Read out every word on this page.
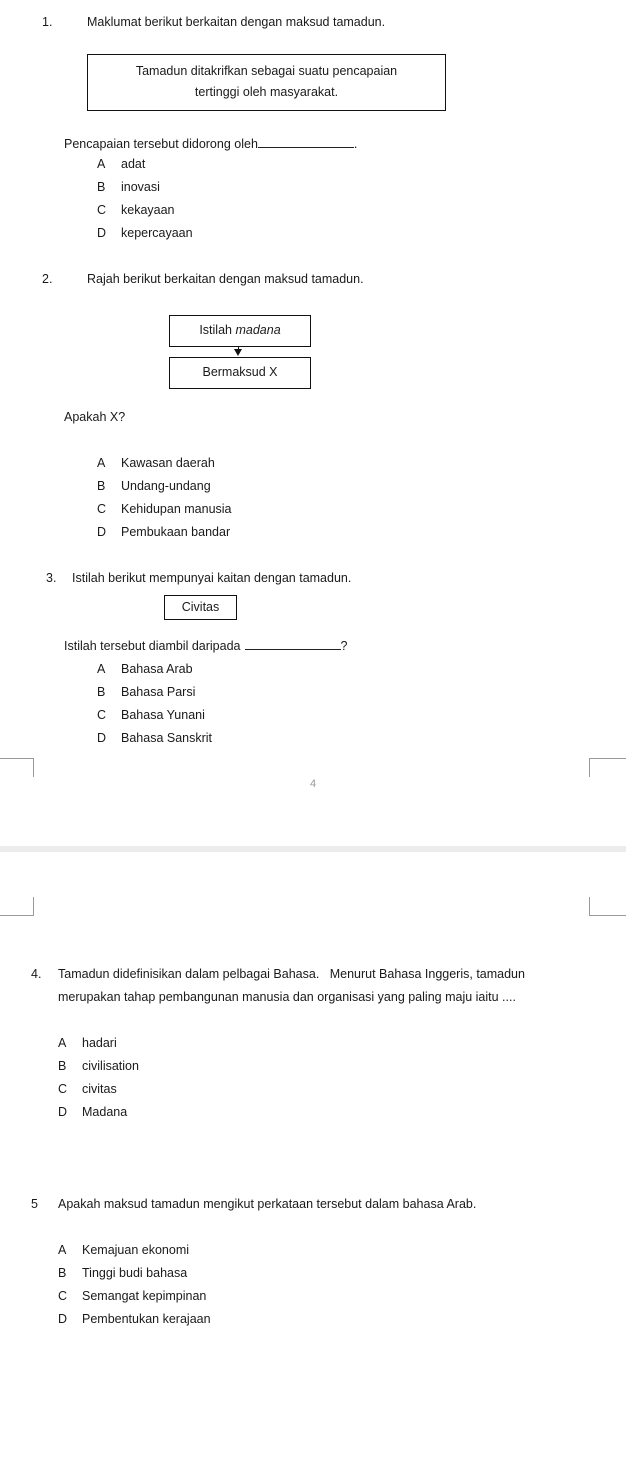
1.	Maklumat berikut berkaitan dengan maksud tamadun.
Tamadun ditakrifkan sebagai suatu pencapaian
tertinggi oleh masyarakat.
Pencapaian tersebut didorong oleh	.
A adat
B inovasi
C kekayaan
D kepercayaan
2.	Rajah berikut berkaitan dengan maksud tamadun.
Istilah madana
Bermaksud X
Apakah X?
A Kawasan daerah
B Undang-undang
C Kehidupan manusia
D Pembukaan bandar
3. Istilah berikut mempunyai kaitan dengan tamadun.
Civitas
Istilah tersebut diambil daripada	?
A Bahasa Arab
B Bahasa Parsi
C Bahasa Yunani
D Bahasa Sanskrit
4
4. Tamadun didefinisikan dalam pelbagai Bahasa.   Menurut Bahasa Inggeris, tamadun
merupakan tahap pembangunan manusia dan organisasi yang paling maju iaitu ....
A hadari
B civilisation
C civitas
D Madana
5 Apakah maksud tamadun mengikut perkataan tersebut dalam bahasa Arab.
A Kemajuan ekonomi
B Tinggi budi bahasa
C Semangat kepimpinan
D Pembentukan kerajaan
